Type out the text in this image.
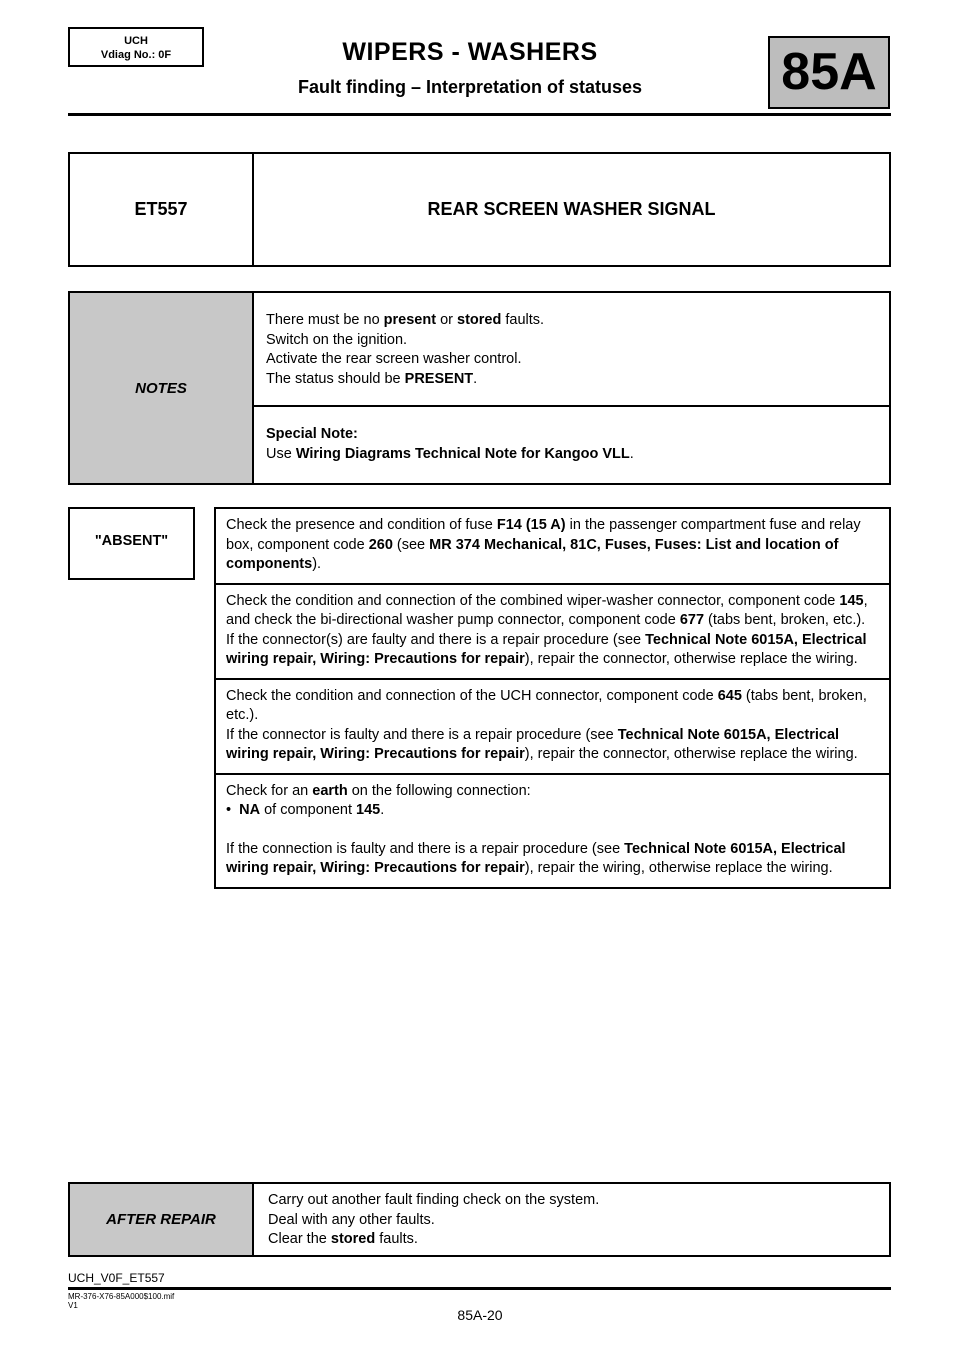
UCH
Vdiag No.: 0F	WIPERS - WASHERS
Fault finding – Interpretation of statuses	85A
ET557	REAR SCREEN WASHER SIGNAL
NOTES
There must be no present or stored faults.
Switch on the ignition.
Activate the rear screen washer control.
The status should be PRESENT.
Special Note:
Use Wiring Diagrams Technical Note for Kangoo VLL.
"ABSENT"
Check the presence and condition of fuse F14 (15 A) in the passenger compartment fuse and relay box, component code 260 (see MR 374 Mechanical, 81C, Fuses, Fuses: List and location of components).
Check the condition and connection of the combined wiper-washer connector, component code 145, and check the bi-directional washer pump connector, component code 677 (tabs bent, broken, etc.).
If the connector(s) are faulty and there is a repair procedure (see Technical Note 6015A, Electrical wiring repair, Wiring: Precautions for repair), repair the connector, otherwise replace the wiring.
Check the condition and connection of the UCH connector, component code 645 (tabs bent, broken, etc.).
If the connector is faulty and there is a repair procedure (see Technical Note 6015A, Electrical wiring repair, Wiring: Precautions for repair), repair the connector, otherwise replace the wiring.
Check for an earth on the following connection:
• NA of component 145.
If the connection is faulty and there is a repair procedure (see Technical Note 6015A, Electrical wiring repair, Wiring: Precautions for repair), repair the wiring, otherwise replace the wiring.
AFTER REPAIR
Carry out another fault finding check on the system.
Deal with any other faults.
Clear the stored faults.
UCH_V0F_ET557
MR-376-X76-85A000$100.mif
V1
85A-20
